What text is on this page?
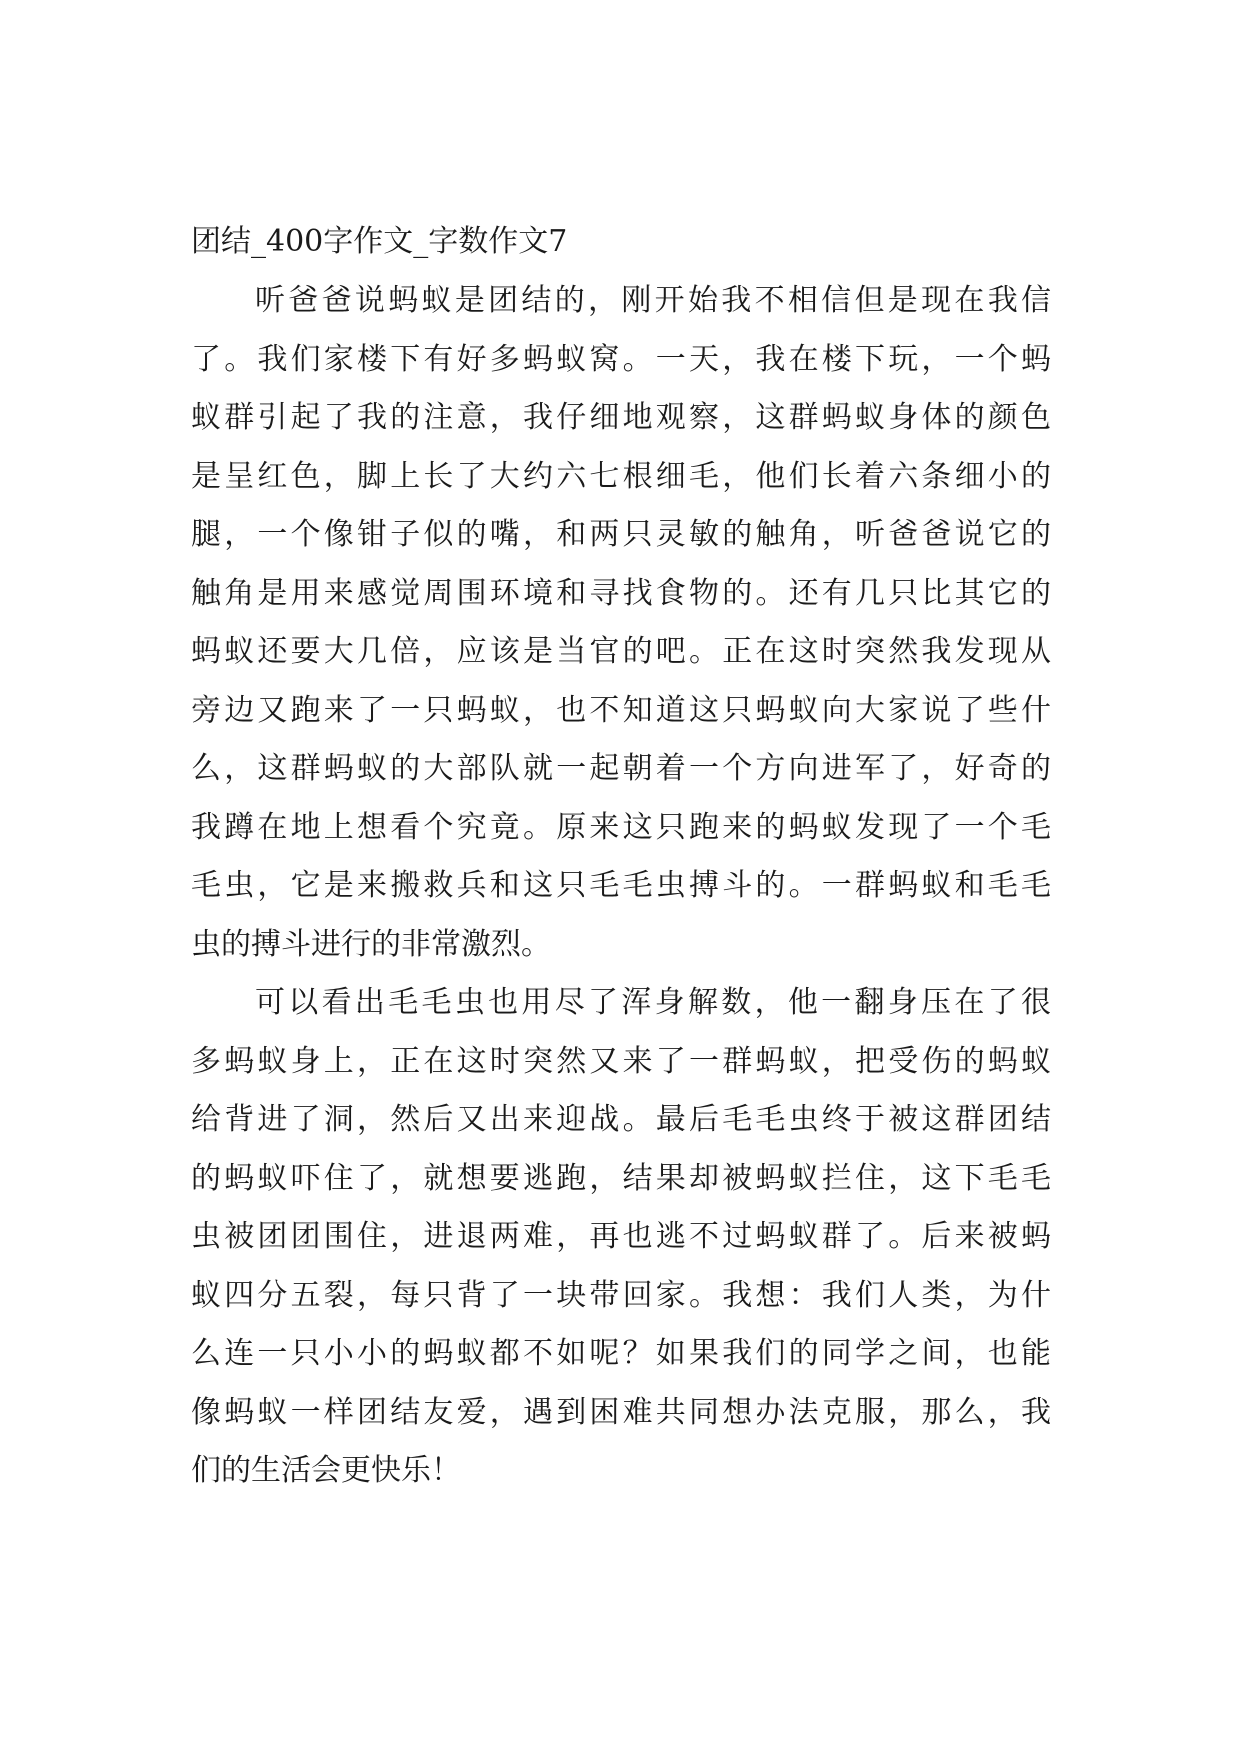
团结_400字作文_字数作文7
听爸爸说蚂蚁是团结的，刚开始我不相信但是现在我信
了。我们家楼下有好多蚂蚁窝。一天，我在楼下玩，一个蚂
蚁群引起了我的注意，我仔细地观察，这群蚂蚁身体的颜色
是呈红色，脚上长了大约六七根细毛，他们长着六条细小的
腿，一个像钳子似的嘴，和两只灵敏的触角，听爸爸说它的
触角是用来感觉周围环境和寻找食物的。还有几只比其它的
蚂蚁还要大几倍，应该是当官的吧。正在这时突然我发现从
旁边又跑来了一只蚂蚁，也不知道这只蚂蚁向大家说了些什
么，这群蚂蚁的大部队就一起朝着一个方向进军了，好奇的
我蹲在地上想看个究竟。原来这只跑来的蚂蚁发现了一个毛
毛虫，它是来搬救兵和这只毛毛虫搏斗的。一群蚂蚁和毛毛
虫的搏斗进行的非常激烈。
可以看出毛毛虫也用尽了浑身解数，他一翻身压在了很
多蚂蚁身上，正在这时突然又来了一群蚂蚁，把受伤的蚂蚁
给背进了洞，然后又出来迎战。最后毛毛虫终于被这群团结
的蚂蚁吓住了，就想要逃跑，结果却被蚂蚁拦住，这下毛毛
虫被团团围住，进退两难，再也逃不过蚂蚁群了。后来被蚂
蚁四分五裂，每只背了一块带回家。我想：我们人类，为什
么连一只小小的蚂蚁都不如呢？如果我们的同学之间，也能
像蚂蚁一样团结友爱，遇到困难共同想办法克服，那么，我
们的生活会更快乐！
